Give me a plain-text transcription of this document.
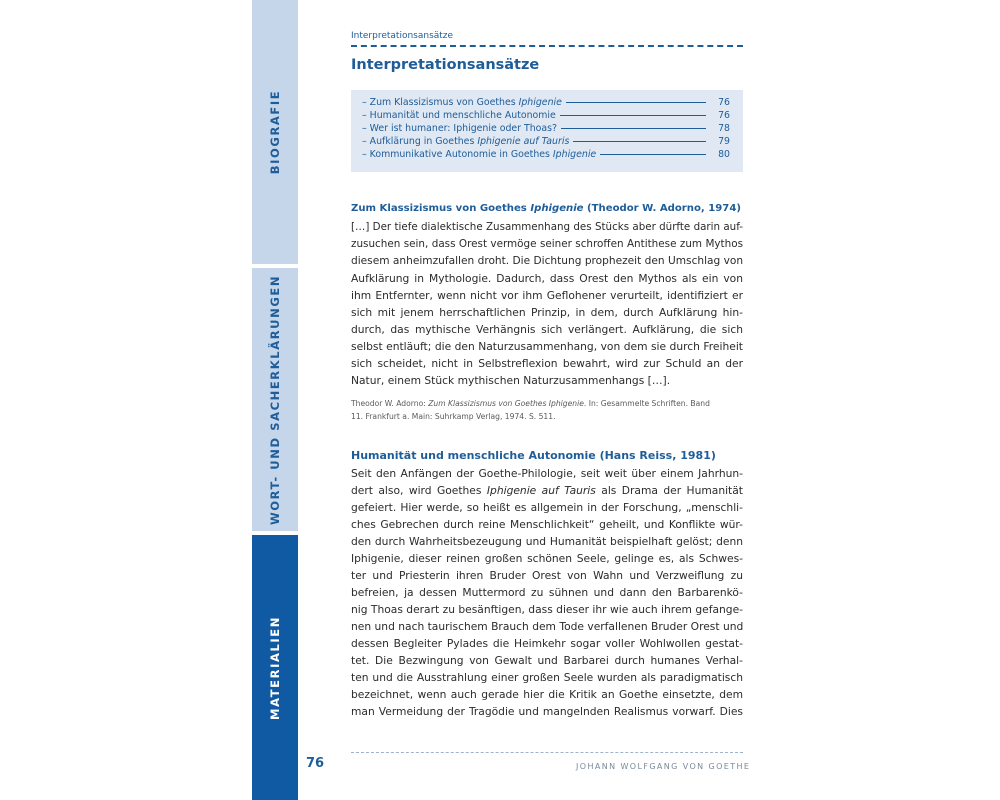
BIOGRAFIE
WORT- UND SACHERKLÄRUNGEN
MATERIALIEN
Interpretationsansätze
Interpretationsansätze
– Zum Klassizismus von Goethes Iphigenie	76
– Humanität und menschliche Autonomie	76
– Wer ist humaner: Iphigenie oder Thoas?	78
– Aufklärung in Goethes Iphigenie auf Tauris	79
– Kommunikative Autonomie in Goethes Iphigenie	80
Zum Klassizismus von Goethes Iphigenie (Theodor W. Adorno, 1974)
[…] Der tiefe dialektische Zusammenhang des Stücks aber dürfte darin auf-
zusuchen sein, dass Orest vermöge seiner schroffen Antithese zum Mythos
diesem anheimzufallen droht. Die Dichtung prophezeit den Umschlag von
Aufklärung in Mythologie. Dadurch, dass Orest den Mythos als ein von
ihm Entfernter, wenn nicht vor ihm Geflohener verurteilt, identifiziert er
sich mit jenem herrschaftlichen Prinzip, in dem, durch Aufklärung hin-
durch, das mythische Verhängnis sich verlängert. Aufklärung, die sich
selbst entläuft; die den Naturzusammenhang, von dem sie durch Freiheit
sich scheidet, nicht in Selbstreflexion bewahrt, wird zur Schuld an der
Natur, einem Stück mythischen Naturzusammenhangs […].
Theodor W. Adorno: Zum Klassizismus von Goethes Iphigenie. In: Gesammelte Schriften. Band
11. Frankfurt a. Main: Suhrkamp Verlag, 1974. S. 511.
Humanität und menschliche Autonomie (Hans Reiss, 1981)
Seit den Anfängen der Goethe-Philologie, seit weit über einem Jahrhun-
dert also, wird Goethes Iphigenie auf Tauris als Drama der Humanität
gefeiert. Hier werde, so heißt es allgemein in der Forschung, „menschli-
ches Gebrechen durch reine Menschlichkeit“ geheilt, und Konflikte wür-
den durch Wahrheitsbezeugung und Humanität beispielhaft gelöst; denn
Iphigenie, dieser reinen großen schönen Seele, gelinge es, als Schwes-
ter und Priesterin ihren Bruder Orest von Wahn und Verzweiflung zu
befreien, ja dessen Muttermord zu sühnen und dann den Barbarenkö-
nig Thoas derart zu besänftigen, dass dieser ihr wie auch ihrem gefange-
nen und nach taurischem Brauch dem Tode verfallenen Bruder Orest und
dessen Begleiter Pylades die Heimkehr sogar voller Wohlwollen gestat-
tet. Die Bezwingung von Gewalt und Barbarei durch humanes Verhal-
ten und die Ausstrahlung einer großen Seele wurden als paradigmatisch
bezeichnet, wenn auch gerade hier die Kritik an Goethe einsetzte, dem
man Vermeidung der Tragödie und mangelnden Realismus vorwarf. Dies
76	JOHANN WOLFGANG VON GOETHE
